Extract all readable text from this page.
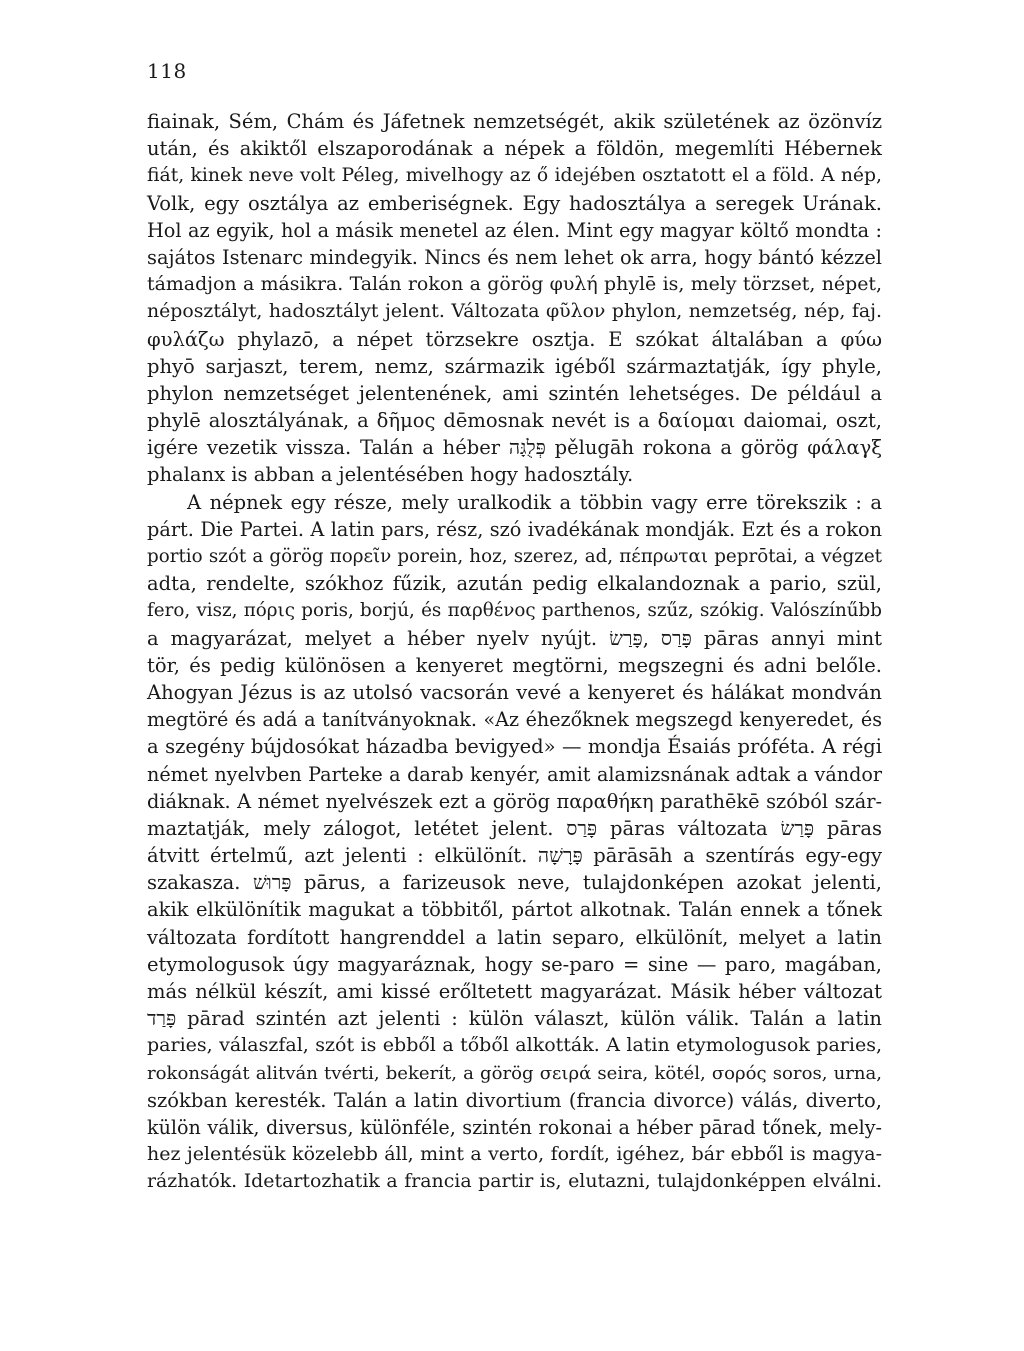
118
fiainak, Sém, Chám és Jáfetnek nemzetségét, akik születének az özönvíz
után, és akiktől elszaporodának a népek a földön, megemlíti Hébernek
fiát, kinek neve volt Péleg, mivelhogy az ő idejében osztatott el a föld. A nép,
Volk, egy osztálya az emberiségnek. Egy hadosztálya a seregek Urának.
Hol az egyik, hol a másik menetel az élen. Mint egy magyar költő mondta :
sajátos Istenarc mindegyik. Nincs és nem lehet ok arra, hogy bántó kézzel
támadjon a másikra. Talán rokon a görög φυλή phylē is, mely törzset, népet,
néposztályt, hadosztályt jelent. Változata φῦλον phylon, nemzetség, nép, faj.
φυλάζω phylazō, a népet törzsekre osztja. E szókat általában a φύω
phyō sarjaszt, terem, nemz, származik igéből származtatják, így phyle,
phylon nemzetséget jelentenének, ami szintén lehetséges. De például a
phylē alosztályának, a δῆμος dēmosnak nevét is a δαίομαι daiomai, oszt,
igére vezetik vissza. Talán a héber פְּלֻגָּה pělugāh rokona a görög φάλαγξ
phalanx is abban a jelentésében hogy hadosztály.
A népnek egy része, mely uralkodik a többin vagy erre törekszik : a
párt. Die Partei. A latin pars, rész, szó ivadékának mondják. Ezt és a rokon
portio szót a görög πορεῖν porein, hoz, szerez, ad, πέπρωται peprōtai, a végzet
adta, rendelte, szókhoz fűzik, azután pedig elkalandoznak a pario, szül,
fero, visz, πόρις poris, borjú, és παρθένος parthenos, szűz, szókig. Valószínűbb
a magyarázat, melyet a héber nyelv nyújt. פָּרַס ,פָּרַשׂ pāras annyi mint
tör, és pedig különösen a kenyeret megtörni, megszegni és adni belőle.
Ahogyan Jézus is az utolsó vacsorán vevé a kenyeret és hálákat mondván
megtöré és adá a tanítványoknak. «Az éhezőknek megszegd kenyeredet, és
a szegény bújdosókat házadba bevigyed» — mondja Ésaiás próféta. A régi
német nyelvben Parteke a darab kenyér, amit alamizsnának adtak a vándor
diáknak. A német nyelvészek ezt a görög παραθήκη parathēkē szóból szár-
maztatják, mely zálogot, letétet jelent. פָּרַס pāras változata פָּרַשׂ pāras
átvitt értelmű, azt jelenti : elkülönít. פָּרָשָׁה pārāsāh a szentírás egy-egy
szakasza. פָּרוּשׁ pārus, a farizeusok neve, tulajdonképen azokat jelenti,
akik elkülönítik magukat a többitől, pártot alkotnak. Talán ennek a tőnek
változata fordított hangrenddel a latin separo, elkülönít, melyet a latin
etymologusok úgy magyaráznak, hogy se-paro = sine — paro, magában,
más nélkül készít, ami kissé erőltetett magyarázat. Másik héber változat
פָּרַד pārad szintén azt jelenti : külön választ, külön válik. Talán a latin
paries, válaszfal, szót is ebből a tőből alkották. A latin etymologusok paries,
rokonságát alitván tvérti, bekerít, a görög σειρά seira, kötél, σορός soros, urna,
szókban keresték. Talán a latin divortium (francia divorce) válás, diverto,
külön válik, diversus, különféle, szintén rokonai a héber pārad tőnek, mely-
hez jelentésük közelebb áll, mint a verto, fordít, igéhez, bár ebből is magya-
rázhatók. Idetartozhatik a francia partir is, elutazni, tulajdonképpen elválni.
